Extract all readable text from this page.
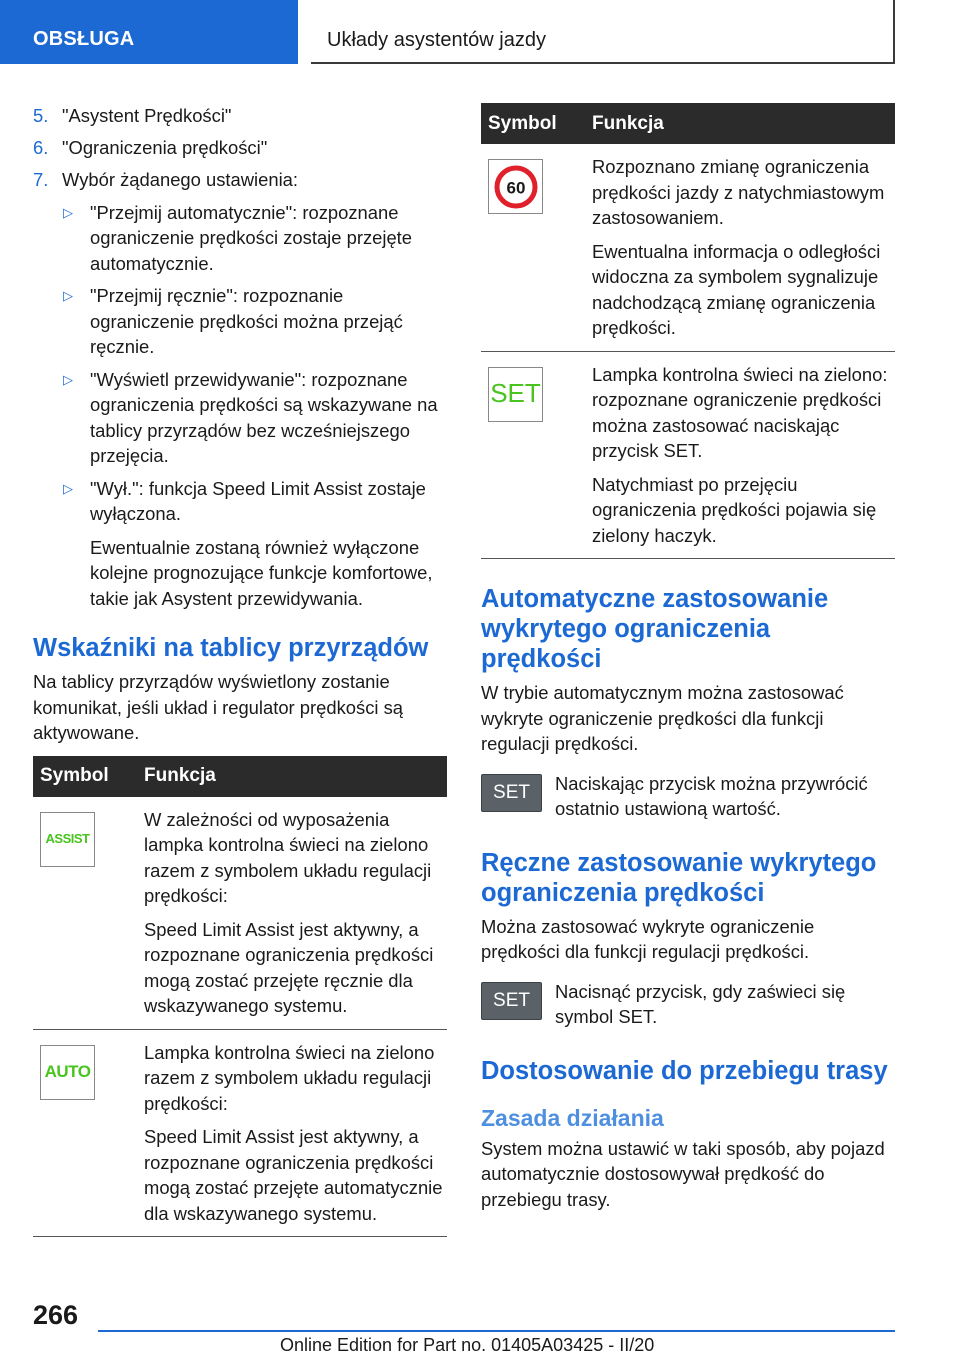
OBSŁUGA	Układy asystentów jazdy
5. "Asystent Prędkości"
6. "Ograniczenia prędkości"
7. Wybór żądanego ustawienia:
▷ "Przejmij automatycznie": rozpoznane ograniczenie prędkości zostaje przejęte automatycznie.
▷ "Przejmij ręcznie": rozpoznanie ograniczenie prędkości można przejąć ręcznie.
▷ "Wyświetl przewidywanie": rozpoznane ograniczenia prędkości są wskazywane na tablicy przyrządów bez wcześniejszego przejęcia.
▷ "Wył.": funkcja Speed Limit Assist zostaje wyłączona.
Ewentualnie zostaną również wyłączone kolejne prognozujące funkcje komfortowe, takie jak Asystent przewidywania.
Wskaźniki na tablicy przyrządów

Na tablicy przyrządów wyświetlony zostanie komunikat, jeśli układ i regulator prędkości są aktywowane.

Symbol	Funkcja

ASSIST	W zależności od wyposażenia lampka kontrolna świeci na zielono razem z symbolem układu regulacji prędkości:

Speed Limit Assist jest aktywny, a rozpoznane ograniczenia prędkości mogą zostać przejęte ręcznie dla wskazywanego systemu.

AUTO	Lampka kontrolna świeci na zielono razem z symbolem układu regulacji prędkości:

Speed Limit Assist jest aktywny, a rozpoznane ograniczenia prędkości mogą zostać przejęte automatycznie dla wskazywanego systemu.

Symbol	Funkcja

60	Rozpoznano zmianę ograniczenia prędkości jazdy z natychmiastowym zastosowaniem.

Ewentualna informacja o odległości widoczna za symbolem sygnalizuje nadchodzącą zmianę ograniczenia prędkości.

SET	Lampka kontrolna świeci na zielono: rozpoznane ograniczenie prędkości można zastosować naciskając przycisk SET.

Natychmiast po przejęciu ograniczenia prędkości pojawia się zielony haczyk.

Automatyczne zastosowanie wykrytego ograniczenia prędkości

W trybie automatycznym można zastosować wykryte ograniczenie prędkości dla funkcji regulacji prędkości.

SET	Naciskając przycisk można przywrócić ostatnio ustawioną wartość.

Ręczne zastosowanie wykrytego ograniczenia prędkości

Można zastosować wykryte ograniczenie prędkości dla funkcji regulacji prędkości.

SET	Nacisnąć przycisk, gdy zaświeci się symbol SET.

Dostosowanie do przebiegu trasy
Zasada działania

System można ustawić w taki sposób, aby pojazd automatycznie dostosowywał prędkość do przebiegu trasy.

266
Online Edition for Part no. 01405A03425 - II/20
